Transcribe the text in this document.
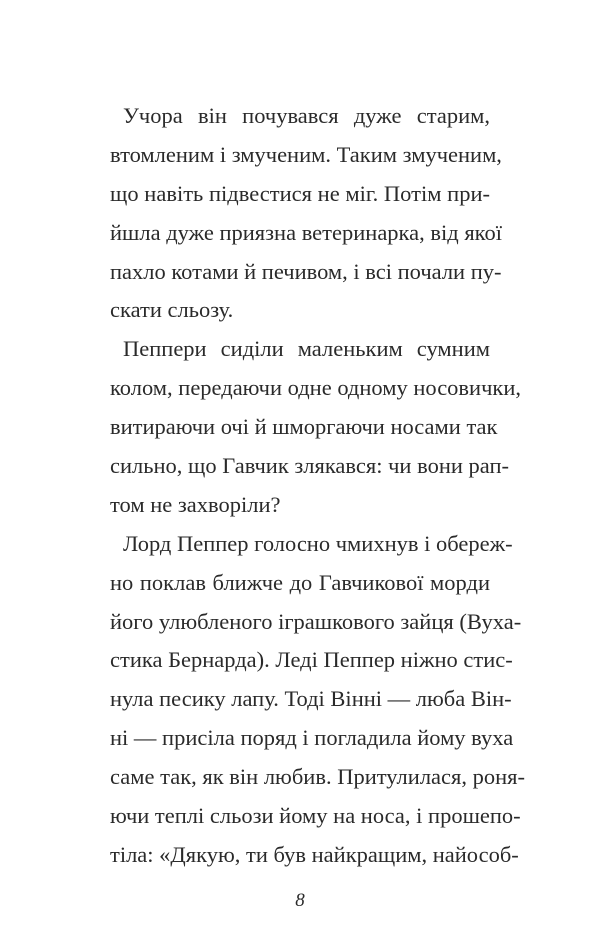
Учора він почувався дуже старим,
втомленим і змученим. Таким змученим,
що навіть підвестися не міг. Потім при-
йшла дуже приязна ветеринарка, від якої
пахло котами й печивом, і всі почали пу-
скати сльозу.
Пеппери сиділи маленьким сумним
колом, передаючи одне одному носовички,
витираючи очі й шморгаючи носами так
сильно, що Гавчик злякався: чи вони рап-
том не захворіли?
Лорд Пеппер голосно чмихнув і обереж-
но поклав ближче до Гавчикової морди
його улюбленого іграшкового зайця (Вуха-
стика Бернарда). Леді Пеппер ніжно стис-
нула песику лапу. Тоді Вінні — люба Він-
ні — присіла поряд і погладила йому вуха
саме так, як він любив. Притулилася, роня-
ючи теплі сльози йому на носа, і прошепо-
тіла: «Дякую, ти був найкращим, найособ-
8
